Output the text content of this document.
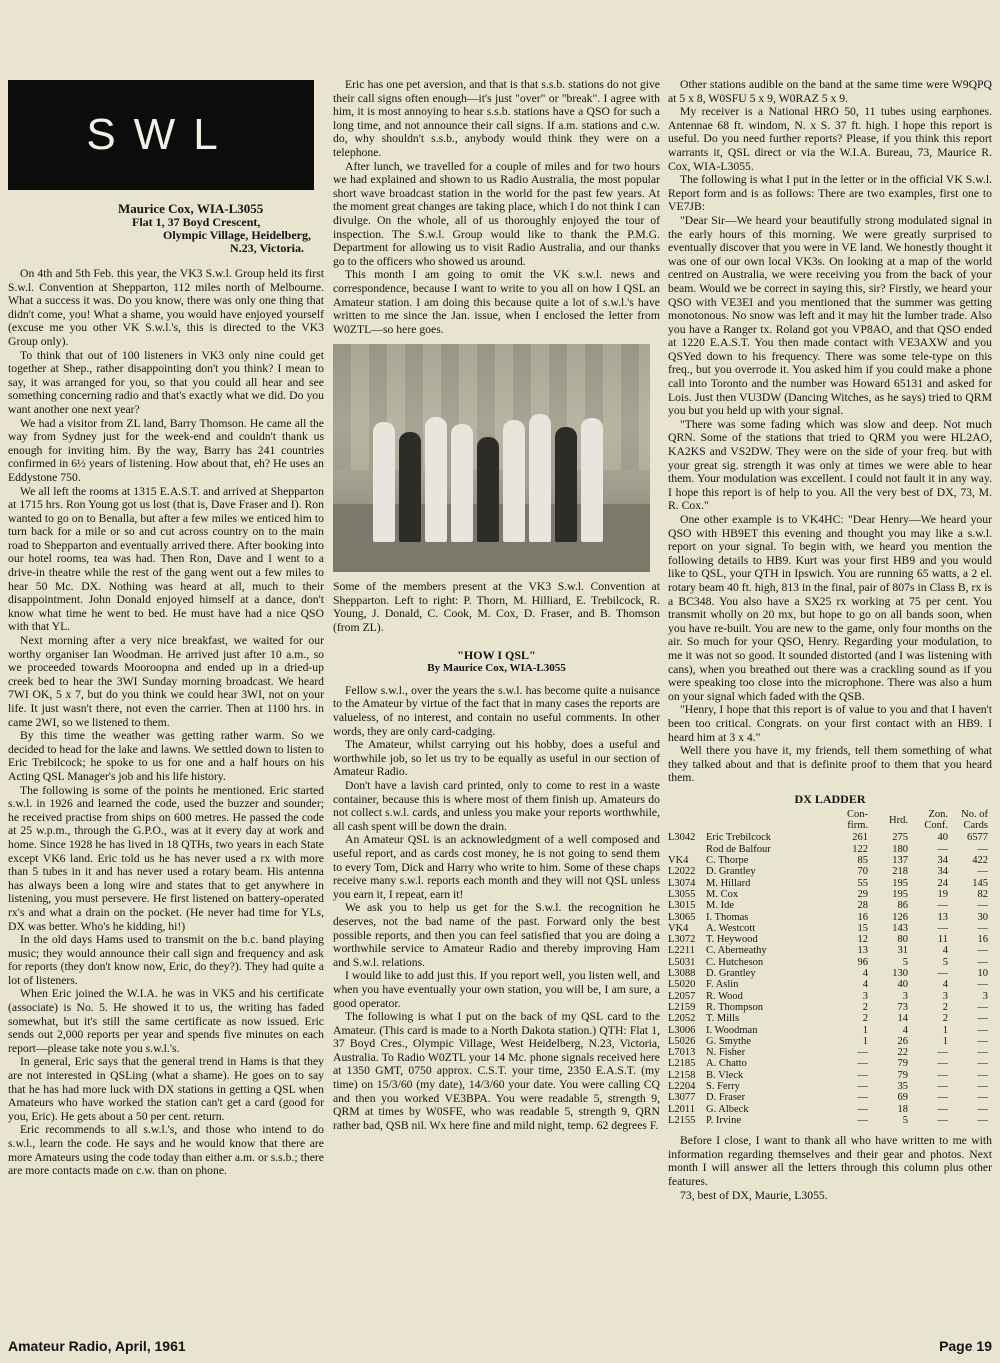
SWL
Maurice Cox, WIA-L3055

Flat 1, 37 Boyd Crescent,
Olympic Village, Heidelberg,
N.23, Victoria.

On 4th and 5th Feb. this year, the VK3 S.w.l. Group held its first S.w.l. Convention at Shepparton, 112 miles north of Melbourne. What a success it was. Do you know, there was only one thing that didn't come, you! What a shame, you would have enjoyed yourself (excuse me you other VK S.w.l.'s, this is directed to the VK3 Group only).

To think that out of 100 listeners in VK3 only nine could get together at Shep., rather disappointing don't you think? I mean to say, it was arranged for you, so that you could all hear and see something concerning radio and that's exactly what we did. Do you want another one next year?

We had a visitor from ZL land, Barry Thomson. He came all the way from Sydney just for the week-end and couldn't thank us enough for inviting him. By the way, Barry has 241 countries confirmed in 6½ years of listening. How about that, eh? He uses an Eddystone 750.

We all left the rooms at 1315 E.A.S.T. and arrived at Shepparton at 1715 hrs. Ron Young got us lost (that is, Dave Fraser and I). Ron wanted to go on to Benalla, but after a few miles we enticed him to turn back for a mile or so and cut across country on to the main road to Shepparton and eventually arrived there. After booking into our hotel rooms, tea was had. Then Ron, Dave and I went to a drive-in theatre while the rest of the gang went out a few miles to hear 50 Mc. DX. Nothing was heard at all, much to their disappointment. John Donald enjoyed himself at a dance, don't know what time he went to bed. He must have had a nice QSO with that YL.

Next morning after a very nice breakfast, we waited for our worthy organiser Ian Woodman. He arrived just after 10 a.m., so we proceeded towards Mooroopna and ended up in a dried-up creek bed to hear the 3WI Sunday morning broadcast. We heard 7WI OK, 5 x 7, but do you think we could hear 3WI, not on your life. It just wasn't there, not even the carrier. Then at 1100 hrs. in came 2WI, so we listened to them.

By this time the weather was getting rather warm. So we decided to head for the lake and lawns. We settled down to listen to Eric Trebilcock; he spoke to us for one and a half hours on his Acting QSL Manager's job and his life history.

The following is some of the points he mentioned. Eric started s.w.l. in 1926 and learned the code, used the buzzer and sounder; he received practise from ships on 600 metres. He passed the code at 25 w.p.m., through the G.P.O., was at it every day at work and home. Since 1928 he has lived in 18 QTHs, two years in each State except VK6 land. Eric told us he has never used a rx with more than 5 tubes in it and has never used a rotary beam. His antenna has always been a long wire and states that to get anywhere in listening, you must persevere. He first listened on battery-operated rx's and what a drain on the pocket. (He never had time for YLs, DX was better. Who's he kidding, hi!)

In the old days Hams used to transmit on the b.c. band playing music; they would announce their call sign and frequency and ask for reports (they don't know now, Eric, do they?). They had quite a lot of listeners.

When Eric joined the W.I.A. he was in VK5 and his certificate (associate) is No. 5. He showed it to us, the writing has faded somewhat, but it's still the same certificate as now issued. Eric sends out 2,000 reports per year and spends five minutes on each report—please take note you s.w.l.'s.

In general, Eric says that the general trend in Hams is that they are not interested in QSLing (what a shame). He goes on to say that he has had more luck with DX stations in getting a QSL when Amateurs who have worked the station can't get a card (good for you, Eric). He gets about a 50 per cent. return.

Eric recommends to all s.w.l.'s, and those who intend to do s.w.l., learn the code. He says and he would know that there are more Amateurs using the code today than either a.m. or s.s.b.; there are more contacts made on c.w. than on phone.

Eric has one pet aversion, and that is that s.s.b. stations do not give their call signs often enough—it's just "over" or "break". I agree with him, it is most annoying to hear s.s.b. stations have a QSO for such a long time, and not announce their call signs. If a.m. stations and c.w. do, why shouldn't s.s.b., anybody would think they were on a telephone.

After lunch, we travelled for a couple of miles and for two hours we had explained and shown to us Radio Australia, the most popular short wave broadcast station in the world for the past few years. At the moment great changes are taking place, which I do not think I can divulge. On the whole, all of us thoroughly enjoyed the tour of inspection. The S.w.l. Group would like to thank the P.M.G. Department for allowing us to visit Radio Australia, and our thanks go to the officers who showed us around.

This month I am going to omit the VK s.w.l. news and correspondence, because I want to write to you all on how I QSL an Amateur station. I am doing this because quite a lot of s.w.l.'s have written to me since the Jan. issue, when I enclosed the letter from W0ZTL—so here goes.

Some of the members present at the VK3 S.w.l. Convention at Shepparton. Left to right: P. Thorn, M. Hilliard, E. Trebilcock, R. Young, J. Donald, C. Cook, M. Cox, D. Fraser, and B. Thomson (from ZL).
"HOW I QSL"
By Maurice Cox, WIA-L3055

Fellow s.w.l., over the years the s.w.l. has become quite a nuisance to the Amateur by virtue of the fact that in many cases the reports are valueless, of no interest, and contain no useful comments. In other words, they are only card-cadging.

The Amateur, whilst carrying out his hobby, does a useful and worthwhile job, so let us try to be equally as useful in our section of Amateur Radio.

Don't have a lavish card printed, only to come to rest in a waste container, because this is where most of them finish up. Amateurs do not collect s.w.l. cards, and unless you make your reports worthwhile, all cash spent will be down the drain.

An Amateur QSL is an acknowledgment of a well composed and useful report, and as cards cost money, he is not going to send them to every Tom, Dick and Harry who write to him. Some of these chaps receive many s.w.l. reports each month and they will not QSL unless you earn it, I repeat, earn it!

We ask you to help us get for the S.w.l. the recognition he deserves, not the bad name of the past. Forward only the best possible reports, and then you can feel satisfied that you are doing a worthwhile service to Amateur Radio and thereby improving Ham and S.w.l. relations.

I would like to add just this. If you report well, you listen well, and when you have eventually your own station, you will be, I am sure, a good operator.

The following is what I put on the back of my QSL card to the Amateur. (This card is made to a North Dakota station.) QTH: Flat 1, 37 Boyd Cres., Olympic Village, West Heidelberg, N.23, Victoria, Australia. To Radio W0ZTL your 14 Mc. phone signals received here at 1350 GMT, 0750 approx. C.S.T. your time, 2350 E.A.S.T. (my time) on 15/3/60 (my date), 14/3/60 your date. You were calling CQ and then you worked VE3BPA. You were readable 5, strength 9, QRM at times by W0SFE, who was readable 5, strength 9, QRN rather bad, QSB nil. Wx here fine and mild night, temp. 62 degrees F.

Other stations audible on the band at the same time were W9QPQ at 5 x 8, W0SFU 5 x 9, W0RAZ 5 x 9.

My receiver is a National HRO 50, 11 tubes using earphones. Antennae 68 ft. windom, N. x S. 37 ft. high. I hope this report is useful. Do you need further reports? Please, if you think this report warrants it, QSL direct or via the W.I.A. Bureau, 73, Maurice R. Cox, WIA-L3055.

The following is what I put in the letter or in the official VK S.w.l. Report form and is as follows: There are two examples, first one to VE7JB:

"Dear Sir—We heard your beautifully strong modulated signal in the early hours of this morning. We were greatly surprised to eventually discover that you were in VE land. We honestly thought it was one of our own local VK3s. On looking at a map of the world centred on Australia, we were receiving you from the back of your beam. Would we be correct in saying this, sir? Firstly, we heard your QSO with VE3EI and you mentioned that the summer was getting monotonous. No snow was left and it may hit the lumber trade. Also you have a Ranger tx. Roland got you VP8AO, and that QSO ended at 1220 E.A.S.T. You then made contact with VE3AXW and you QSYed down to his frequency. There was some tele-type on this freq., but you overrode it. You asked him if you could make a phone call into Toronto and the number was Howard 65131 and asked for Lois. Just then VU3DW (Dancing Witches, as he says) tried to QRM you but you held up with your signal.

"There was some fading which was slow and deep. Not much QRN. Some of the stations that tried to QRM you were HL2AO, KA2KS and VS2DW. They were on the side of your freq. but with your great sig. strength it was only at times we were able to hear them. Your modulation was excellent. I could not fault it in any way. I hope this report is of help to you. All the very best of DX, 73, M. R. Cox."

One other example is to VK4HC: "Dear Henry—We heard your QSO with HB9ET this evening and thought you may like a s.w.l. report on your signal. To begin with, we heard you mention the following details to HB9. Kurt was your first HB9 and you would like to QSL, your QTH in Ipswich. You are running 65 watts, a 2 el. rotary beam 40 ft. high, 813 in the final, pair of 807s in Class B, rx is a BC348. You also have a SX25 rx working at 75 per cent. You transmit wholly on 20 mx, but hope to go on all bands soon, when you have re-built. You are new to the game, only four months on the air. So much for your QSO, Henry. Regarding your modulation, to me it was not so good. It sounded distorted (and I was listening with cans), when you breathed out there was a crackling sound as if you were speaking too close into the microphone. There was also a hum on your signal which faded with the QSB.

"Henry, I hope that this report is of value to you and that I haven't been too critical. Congrats. on your first contact with an HB9. I heard him at 3 x 4."

Well there you have it, my friends, tell them something of what they talked about and that is definite proof to them that you heard them.

DX LADDER
		Con-firm.	Hrd.	Zon. Conf.	No. of Cards
L3042	Eric Trebilcock	261	275	40	6577
	Rod de Balfour	122	180	—	—
VK4	C. Thorpe	85	137	34	422
L2022	D. Grantley	70	218	34	—
L3074	M. Hillard	55	195	24	145
L3055	M. Cox	29	195	19	82
L3015	M. Ide	28	86	—	—
L3065	I. Thomas	16	126	13	30
VK4	A. Westcott	15	143	—	—
L3072	T. Heywood	12	80	11	16
L2211	C. Aberneathy	13	31	4	—
L5031	C. Hutcheson	96	5	5	—
L3088	D. Grantley	4	130	—	10
L5020	F. Aslin	4	40	4	—
L2057	R. Wood	3	3	3	3
L2159	R. Thompson	2	73	2	—
L2052	T. Mills	2	14	2	—
L3006	I. Woodman	1	4	1	—
L5026	G. Smythe	1	26	1	—
L7013	N. Fisher	—	22	—	—
L2185	A. Chatto	—	79	—	—
L2158	B. Vleck	—	79	—	—
L2204	S. Ferry	—	35	—	—
L3077	D. Fraser	—	69	—	—
L2011	G. Albeck	—	18	—	—
L2155	P. Irvine	—	5	—	—

Before I close, I want to thank all who have written to me with information regarding themselves and their gear and photos. Next month I will answer all the letters through this column plus other features.

73, best of DX, Maurie, L3055.

Amateur Radio, April, 1961	Page 19
